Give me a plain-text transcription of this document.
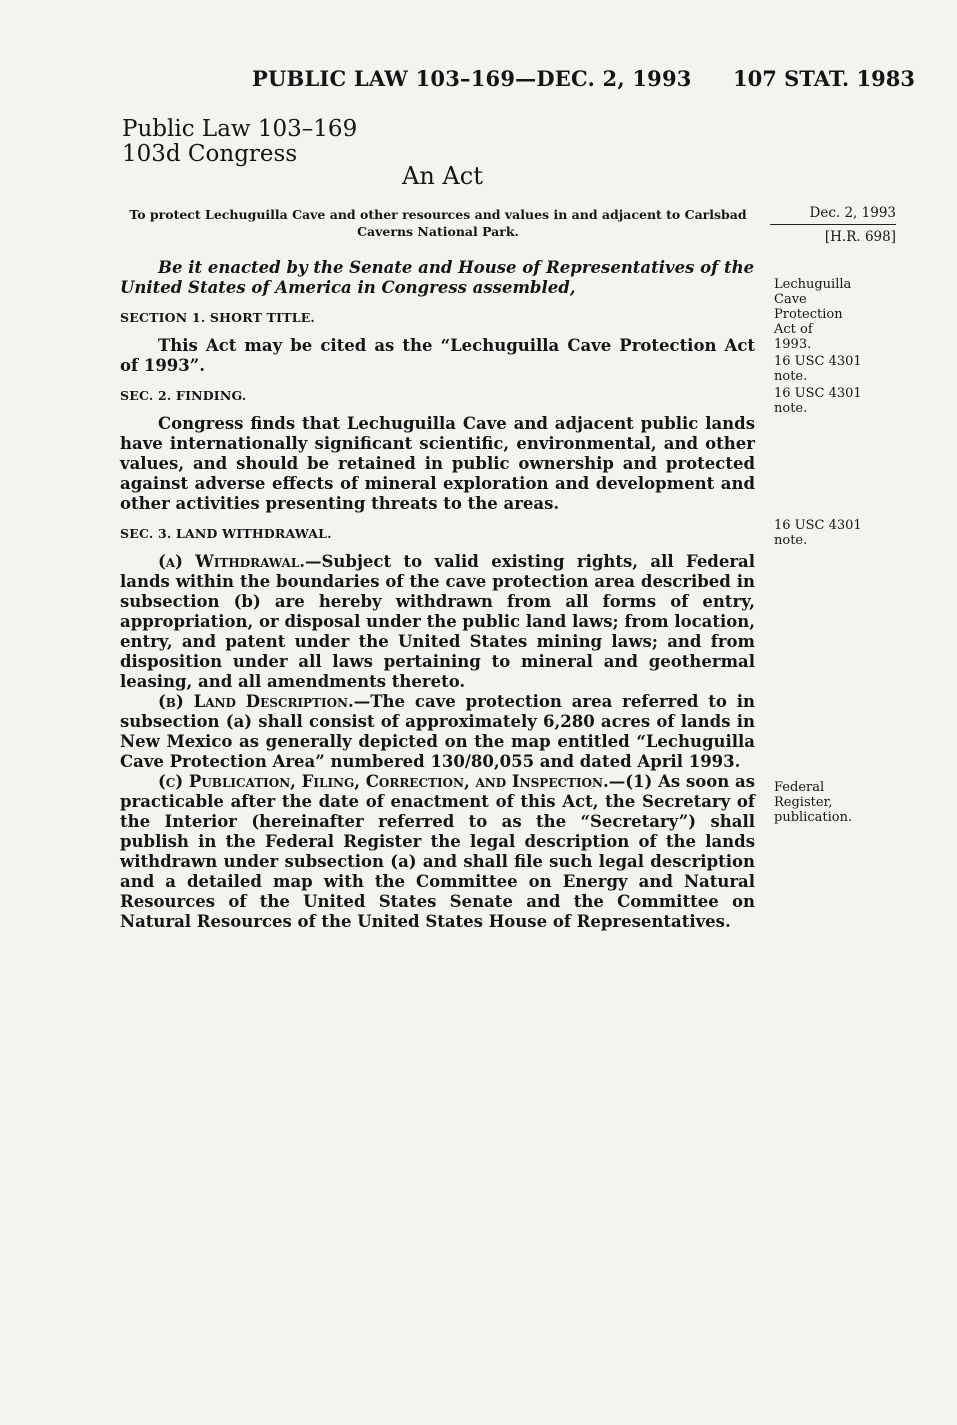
PUBLIC LAW 103–169—DEC. 2, 1993 107 STAT. 1983
Public Law 103–169
103d Congress
An Act
To protect Lechuguilla Cave and other resources and values in and adjacent to Carlsbad Caverns National Park.
Dec. 2, 1993
[H.R. 698]

Be it enacted by the Senate and House of Representatives of the United States of America in Congress assembled,

SECTION 1. SHORT TITLE.

This Act may be cited as the “Lechuguilla Cave Protection Act of 1993”.

SEC. 2. FINDING.

Congress finds that Lechuguilla Cave and adjacent public lands have internationally significant scientific, environmental, and other values, and should be retained in public ownership and protected against adverse effects of mineral exploration and development and other activities presenting threats to the areas.

SEC. 3. LAND WITHDRAWAL.

(a) Withdrawal.—Subject to valid existing rights, all Federal lands within the boundaries of the cave protection area described in subsection (b) are hereby withdrawn from all forms of entry, appropriation, or disposal under the public land laws; from location, entry, and patent under the United States mining laws; and from disposition under all laws pertaining to mineral and geothermal leasing, and all amendments thereto.

(b) Land Description.—The cave protection area referred to in subsection (a) shall consist of approximately 6,280 acres of lands in New Mexico as generally depicted on the map entitled “Lechuguilla Cave Protection Area” numbered 130/80,055 and dated April 1993.

(c) Publication, Filing, Correction, and Inspection.—(1) As soon as practicable after the date of enactment of this Act, the Secretary of the Interior (hereinafter referred to as the “Secretary”) shall publish in the Federal Register the legal description of the lands withdrawn under subsection (a) and shall file such legal description and a detailed map with the Committee on Energy and Natural Resources of the United States Senate and the Committee on Natural Resources of the United States House of Representatives.

Lechuguilla
Cave
Protection
Act of
1993.
16 USC 4301
note.
16 USC 4301
note.
16 USC 4301
note.
Federal
Register,
publication.
